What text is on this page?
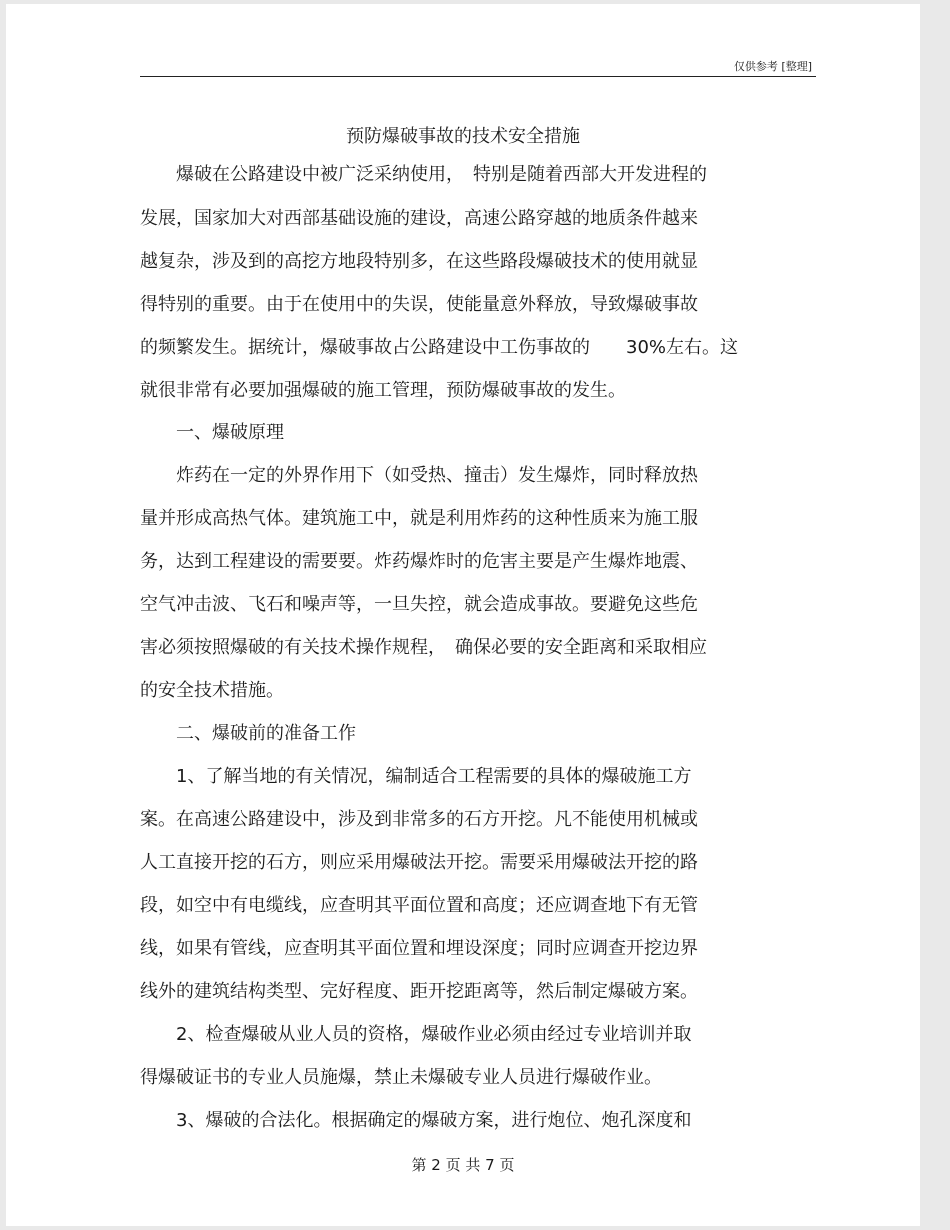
仅供参考 [整理]
预防爆破事故的技术安全措施
　　爆破在公路建设中被广泛采纳使用，　特别是随着西部大开发进程的
发展，国家加大对西部基础设施的建设，高速公路穿越的地质条件越来
越复杂，涉及到的高挖方地段特别多，在这些路段爆破技术的使用就显
得特别的重要。由于在使用中的失误，使能量意外释放，导致爆破事故
的频繁发生。据统计，爆破事故占公路建设中工伤事故的　　30%左右。这
就很非常有必要加强爆破的施工管理，预防爆破事故的发生。
　　一、爆破原理
　　炸药在一定的外界作用下（如受热、撞击）发生爆炸，同时释放热
量并形成高热气体。建筑施工中，就是利用炸药的这种性质来为施工服
务，达到工程建设的需要要。炸药爆炸时的危害主要是产生爆炸地震、
空气冲击波、飞石和噪声等，一旦失控，就会造成事故。要避免这些危
害必须按照爆破的有关技术操作规程，　确保必要的安全距离和采取相应
的安全技术措施。
　　二、爆破前的准备工作
　　1、了解当地的有关情况，编制适合工程需要的具体的爆破施工方
案。在高速公路建设中，涉及到非常多的石方开挖。凡不能使用机械或
人工直接开挖的石方，则应采用爆破法开挖。需要采用爆破法开挖的路
段，如空中有电缆线，应查明其平面位置和高度；还应调查地下有无管
线，如果有管线，应查明其平面位置和埋设深度；同时应调查开挖边界
线外的建筑结构类型、完好程度、距开挖距离等，然后制定爆破方案。
　　2、检查爆破从业人员的资格，爆破作业必须由经过专业培训并取
得爆破证书的专业人员施爆，禁止未爆破专业人员进行爆破作业。
　　3、爆破的合法化。根据确定的爆破方案，进行炮位、炮孔深度和
第 2 页 共 7 页
